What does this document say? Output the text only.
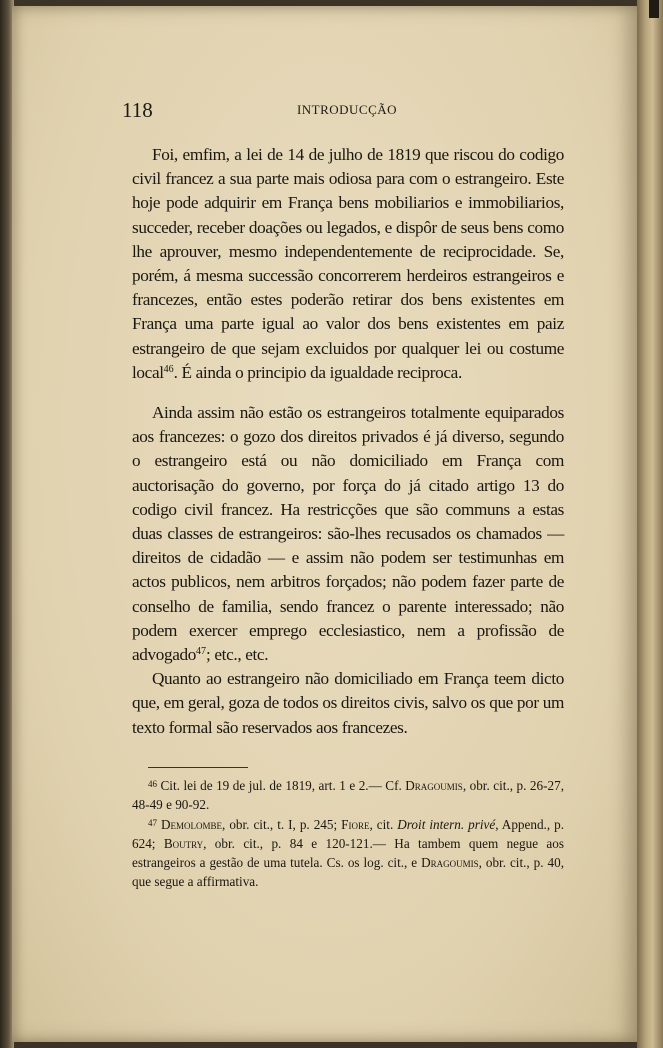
118	INTRODUCÇÃO

Foi, emfim, a lei de 14 de julho de 1819 que riscou do codigo civil francez a sua parte mais odiosa para com o estrangeiro. Este hoje pode adquirir em França bens mobiliarios e immobiliarios, succeder, receber doações ou legados, e dispôr de seus bens como lhe aprouver, mesmo independentemente de reciprocidade. Se, porém, á mesma successão concorrerem herdeiros estrangeiros e francezes, então estes poderão retirar dos bens existentes em França uma parte igual ao valor dos bens existentes em paiz estrangeiro de que sejam excluidos por qualquer lei ou costume local$^{46}$. É ainda o principio da igualdade reciproca.

Ainda assim não estão os estrangeiros totalmente equiparados aos francezes: o gozo dos direitos privados é já diverso, segundo o estrangeiro está ou não domiciliado em França com auctorisação do governo, por força do já citado artigo 13 do codigo civil francez. Ha restricções que são communs a estas duas classes de estrangeiros: são-lhes recusados os chamados — direitos de cidadão — e assim não podem ser testimunhas em actos publicos, nem arbitros forçados; não podem fazer parte de conselho de familia, sendo francez o parente interessado; não podem exercer emprego ecclesiastico, nem a profissão de advogado$^{47}$; etc., etc.

Quanto ao estrangeiro não domiciliado em França teem dicto que, em geral, goza de todos os direitos civis, salvo os que por um texto formal são reservados aos francezes.

$^{46}$ Cit. lei de 19 de jul. de 1819, art. 1 e 2.— Cf. Dragoumis, obr. cit., p. 26-27, 48-49 e 90-92.

$^{47}$ Demolombe, obr. cit., t. I, p. 245; Fiore, cit. Droit intern. privé, Append., p. 624; Boutry, obr. cit., p. 84 e 120-121.— Ha tambem quem negue aos estrangeiros a gestão de uma tutela. Cs. os log. cit., e Dragoumis, obr. cit., p. 40, que segue a affirmativa.
